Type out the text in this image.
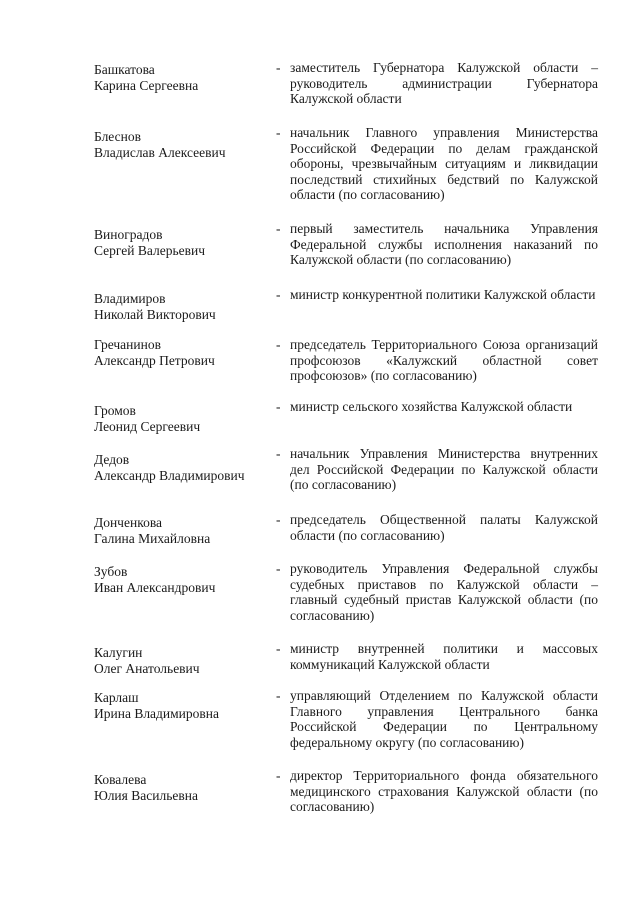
Башкатова
Карина Сергеевна
- заместитель Губернатора Калужской области – руководитель администрации Губернатора Калужской области
Блеснов
Владислав Алексеевич
- начальник Главного управления Министерства Российской Федерации по делам гражданской обороны, чрезвычайным ситуациям и ликвидации последствий стихийных бедствий по Калужской области (по согласованию)
Виноградов
Сергей Валерьевич
- первый заместитель начальника Управления Федеральной службы исполнения наказаний по Калужской области (по согласованию)
Владимиров
Николай Викторович
- министр конкурентной политики Калужской области
Гречанинов
Александр Петрович
- председатель Территориального Союза организаций профсоюзов «Калужский областной совет профсоюзов» (по согласованию)
Громов
Леонид Сергеевич
- министр сельского хозяйства Калужской области
Дедов
Александр Владимирович
- начальник Управления Министерства внутренних дел Российской Федерации по Калужской области (по согласованию)
Донченкова
Галина Михайловна
- председатель Общественной палаты Калужской области (по согласованию)
Зубов
Иван Александрович
- руководитель Управления Федеральной службы судебных приставов по Калужской области – главный судебный пристав Калужской области (по согласованию)
Калугин
Олег Анатольевич
- министр внутренней политики и массовых коммуникаций Калужской области
Карлаш
Ирина Владимировна
- управляющий Отделением по Калужской области Главного управления Центрального банка Российской Федерации по Центральному федеральному округу (по согласованию)
Ковалева
Юлия Васильевна
- директор Территориального фонда обязательного медицинского страхования Калужской области (по согласованию)
